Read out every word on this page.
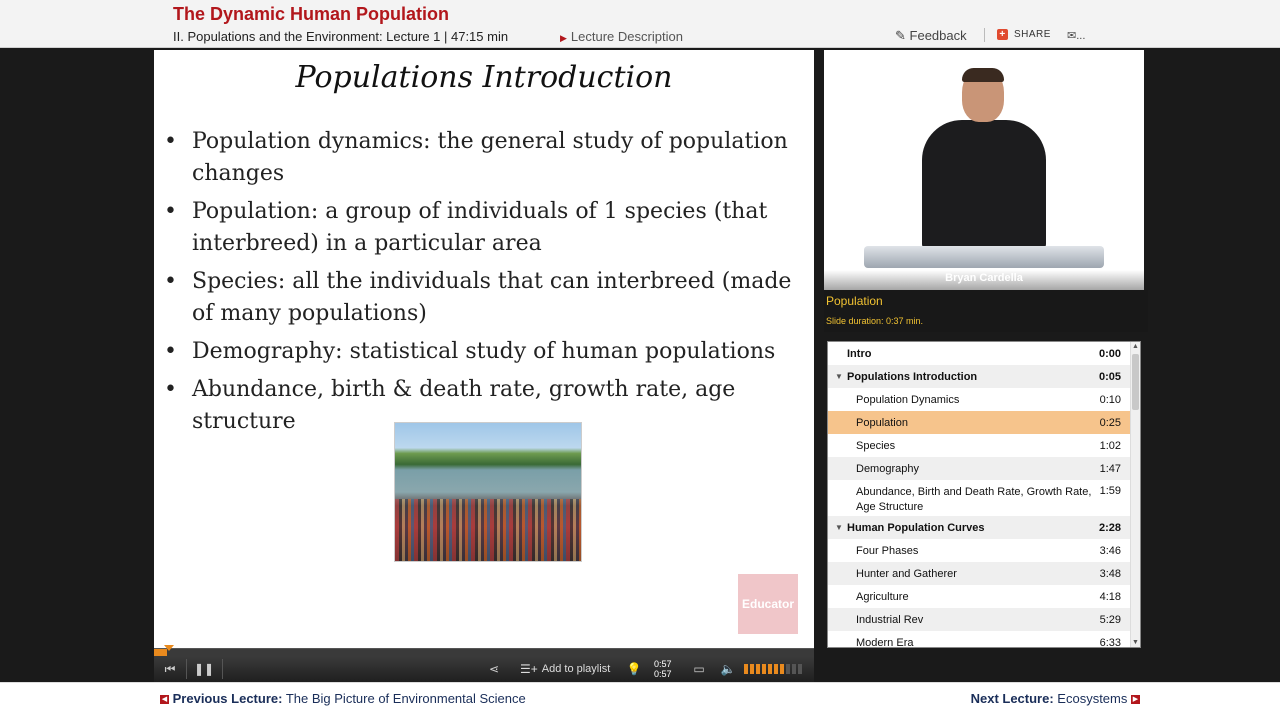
The Dynamic Human Population
II. Populations and the Environment: Lecture 1 | 47:15 min	▶ Lecture Description	✎ Feedback	+ SHARE ✉...
Populations Introduction
• Population dynamics: the general study of population changes
• Population: a group of individuals of 1 species (that interbreed) in a particular area
• Species: all the individuals that can interbreed (made of many populations)
• Demography: statistical study of human populations
• Abundance, birth & death rate, growth rate, age structure
Educator
⏮	❚❚	⋖	☰+ Add to playlist 💡 0:57
0:57	▭	🔈
Bryan Cardella
Population
Slide duration: 0:37 min.
Intro	0:00
▼ Populations Introduction	0:05
Population Dynamics	0:10
Population	0:25
Species	1:02
Demography	1:47
Abundance, Birth and Death Rate, Growth Rate, Age Structure
1:59
▼ Human Population Curves	2:28
Four Phases	3:46
Hunter and Gatherer	3:48
Agriculture	4:18
Industrial Rev	5:29
Modern Era	6:33
▲
▼
◀ Previous Lecture: The Big Picture of Environmental Science	Next Lecture: Ecosystems ▶
